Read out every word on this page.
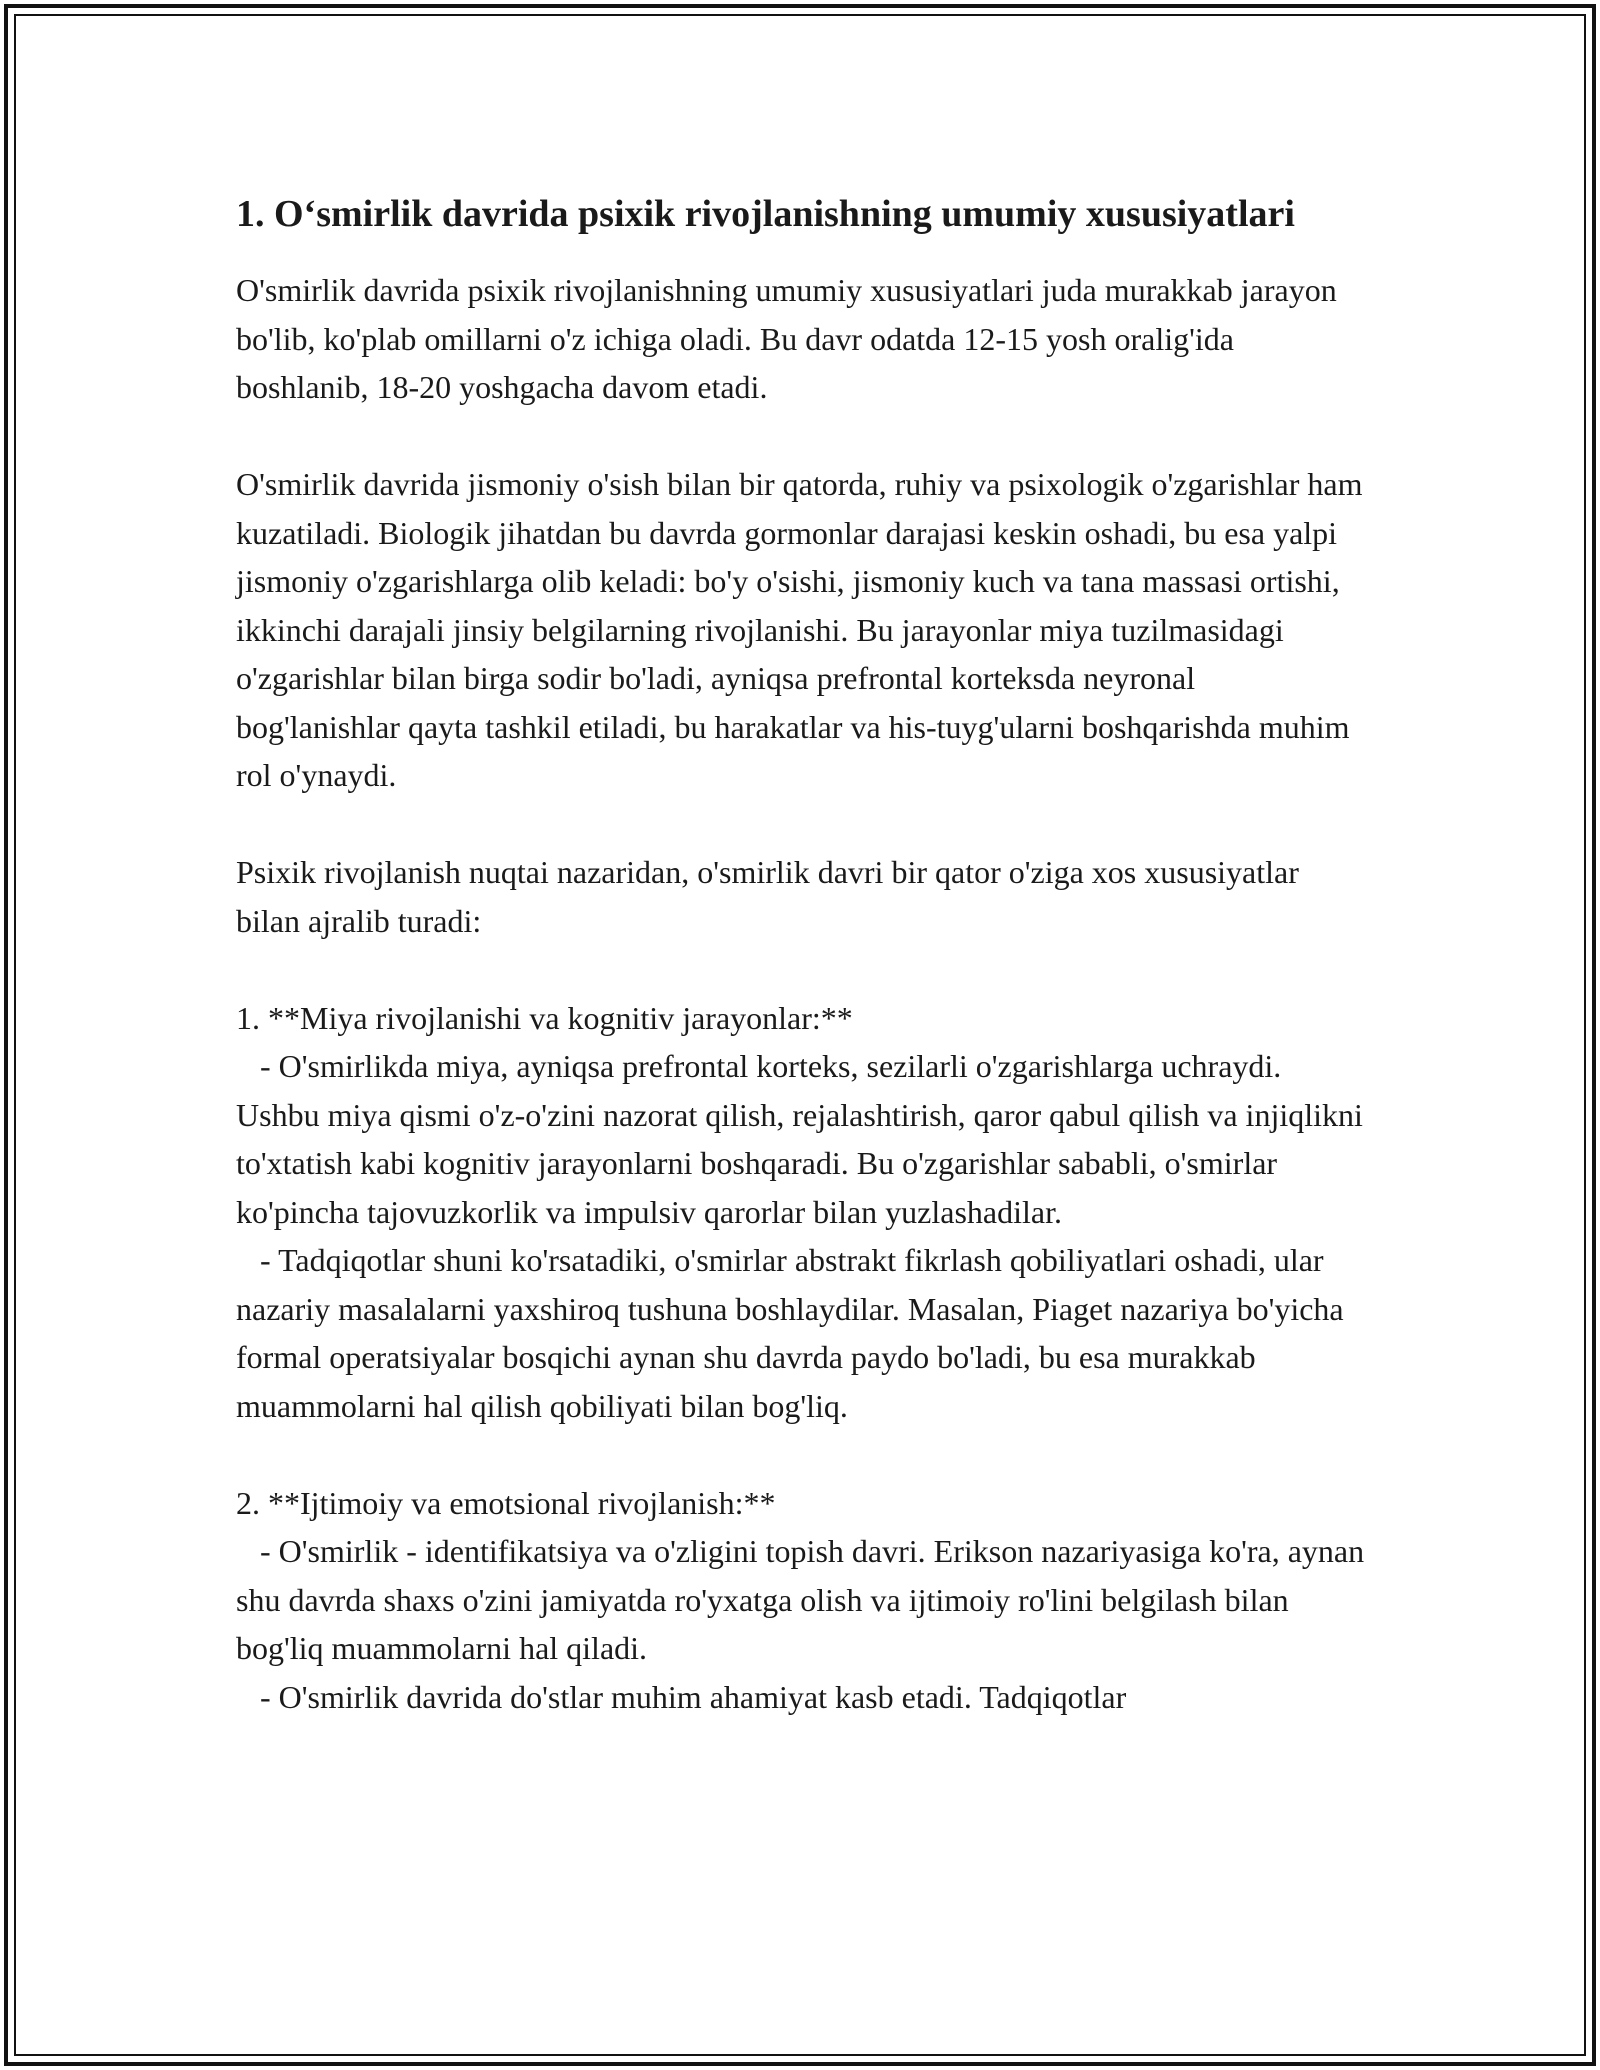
1. O‘smirlik davrida psixik rivojlanishning umumiy xususiyatlari

O'smirlik davrida psixik rivojlanishning umumiy xususiyatlari juda murakkab jarayon bo'lib, ko'plab omillarni o'z ichiga oladi. Bu davr odatda 12-15 yosh oralig'ida boshlanib, 18-20 yoshgacha davom etadi.

O'smirlik davrida jismoniy o'sish bilan bir qatorda, ruhiy va psixologik o'zgarishlar ham kuzatiladi. Biologik jihatdan bu davrda gormonlar darajasi keskin oshadi, bu esa yalpi jismoniy o'zgarishlarga olib keladi: bo'y o'sishi, jismoniy kuch va tana massasi ortishi, ikkinchi darajali jinsiy belgilarning rivojlanishi. Bu jarayonlar miya tuzilmasidagi o'zgarishlar bilan birga sodir bo'ladi, ayniqsa prefrontal korteksda neyronal bog'lanishlar qayta tashkil etiladi, bu harakatlar va his-tuyg'ularni boshqarishda muhim rol o'ynaydi.

Psixik rivojlanish nuqtai nazaridan, o'smirlik davri bir qator o'ziga xos xususiyatlar bilan ajralib turadi:

1. **Miya rivojlanishi va kognitiv jarayonlar:**
- O'smirlikda miya, ayniqsa prefrontal korteks, sezilarli o'zgarishlarga uchraydi. Ushbu miya qismi o'z-o'zini nazorat qilish, rejalashtirish, qaror qabul qilish va injiqlikni to'xtatish kabi kognitiv jarayonlarni boshqaradi. Bu o'zgarishlar sababli, o'smirlar ko'pincha tajovuzkorlik va impulsiv qarorlar bilan yuzlashadilar.
- Tadqiqotlar shuni ko'rsatadiki, o'smirlar abstrakt fikrlash qobiliyatlari oshadi, ular nazariy masalalarni yaxshiroq tushuna boshlaydilar. Masalan, Piaget nazariya bo'yicha formal operatsiyalar bosqichi aynan shu davrda paydo bo'ladi, bu esa murakkab muammolarni hal qilish qobiliyati bilan bog'liq.
2. **Ijtimoiy va emotsional rivojlanish:**
- O'smirlik - identifikatsiya va o'zligini topish davri. Erikson nazariyasiga ko'ra, aynan shu davrda shaxs o'zini jamiyatda ro'yxatga olish va ijtimoiy ro'lini belgilash bilan bog'liq muammolarni hal qiladi.
- O'smirlik davrida do'stlar muhim ahamiyat kasb etadi. Tadqiqotlar
